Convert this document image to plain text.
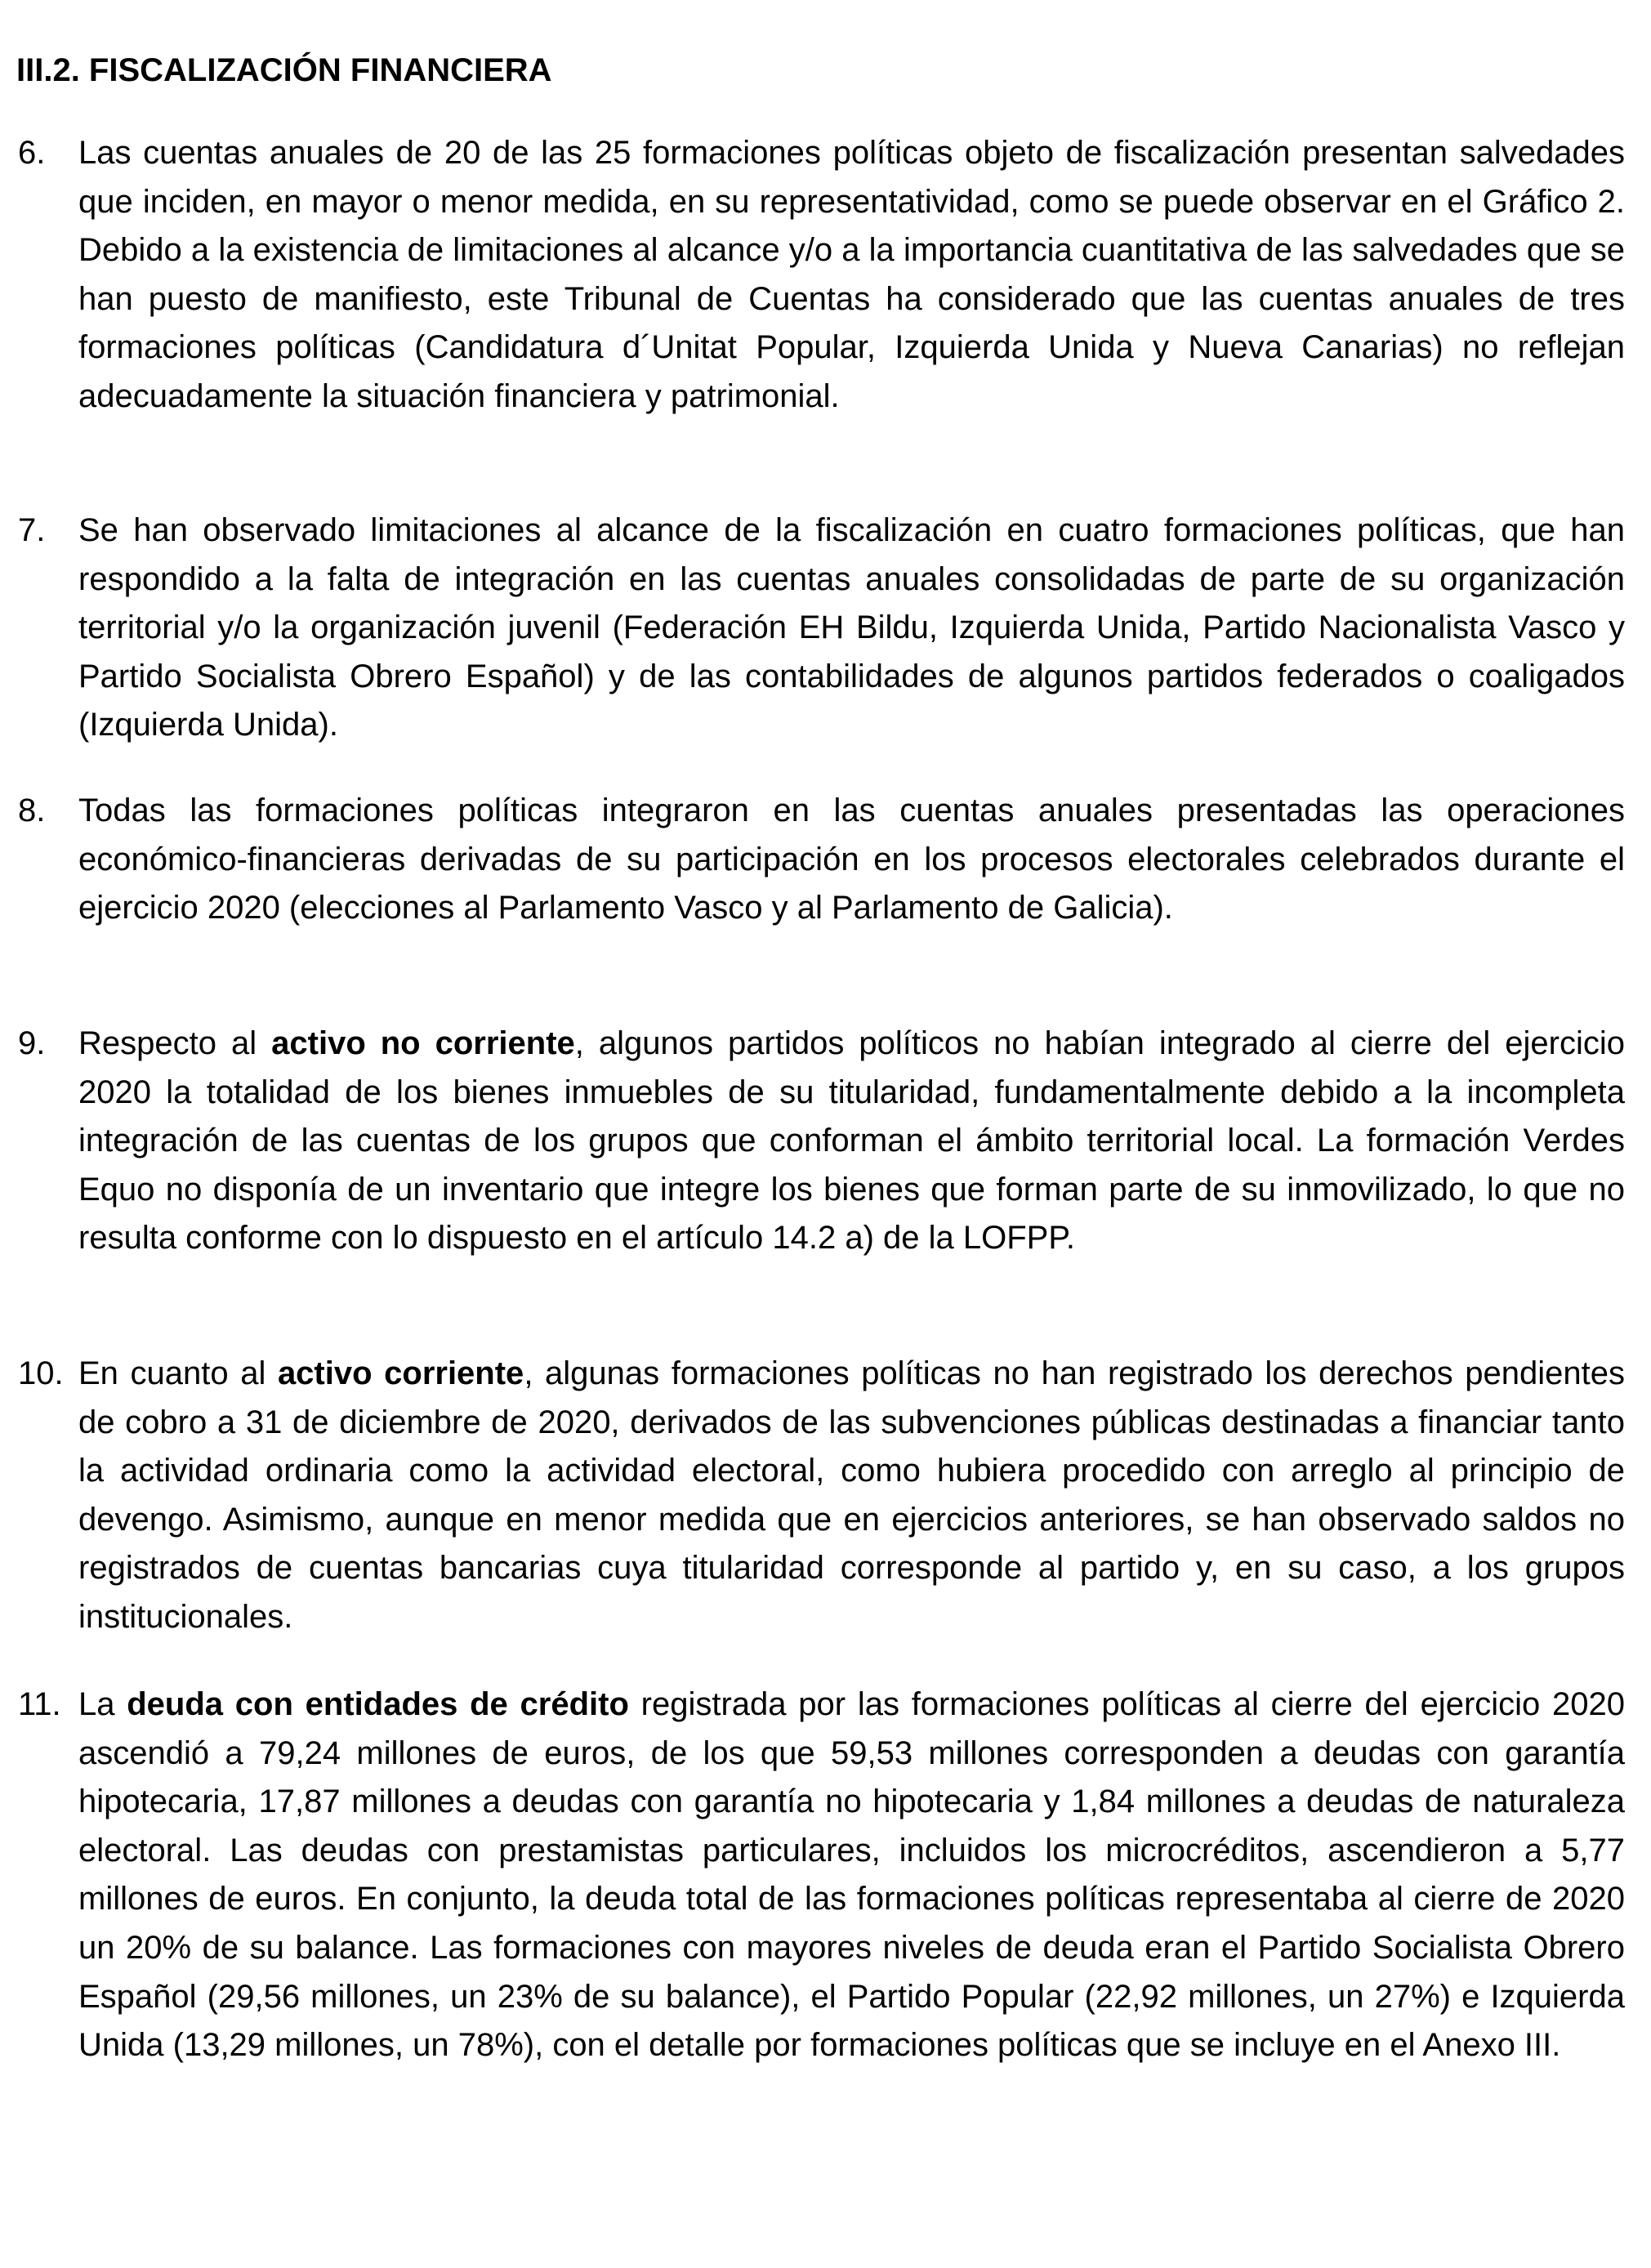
III.2. FISCALIZACIÓN FINANCIERA
6. Las cuentas anuales de 20 de las 25 formaciones políticas objeto de fiscalización presentan salvedades que inciden, en mayor o menor medida, en su representatividad, como se puede observar en el Gráfico 2. Debido a la existencia de limitaciones al alcance y/o a la importancia cuantitativa de las salvedades que se han puesto de manifiesto, este Tribunal de Cuentas ha considerado que las cuentas anuales de tres formaciones políticas (Candidatura d´Unitat Popular, Izquierda Unida y Nueva Canarias) no reflejan adecuadamente la situación financiera y patrimonial.

7. Se han observado limitaciones al alcance de la fiscalización en cuatro formaciones políticas, que han respondido a la falta de integración en las cuentas anuales consolidadas de parte de su organización territorial y/o la organización juvenil (Federación EH Bildu, Izquierda Unida, Partido Nacionalista Vasco y Partido Socialista Obrero Español) y de las contabilidades de algunos partidos federados o coaligados (Izquierda Unida).

8. Todas las formaciones políticas integraron en las cuentas anuales presentadas las operaciones económico-financieras derivadas de su participación en los procesos electorales celebrados durante el ejercicio 2020 (elecciones al Parlamento Vasco y al Parlamento de Galicia).

9. Respecto al activo no corriente, algunos partidos políticos no habían integrado al cierre del ejercicio 2020 la totalidad de los bienes inmuebles de su titularidad, fundamentalmente debido a la incompleta integración de las cuentas de los grupos que conforman el ámbito territorial local. La formación Verdes Equo no disponía de un inventario que integre los bienes que forman parte de su inmovilizado, lo que no resulta conforme con lo dispuesto en el artículo 14.2 a) de la LOFPP.

10. En cuanto al activo corriente, algunas formaciones políticas no han registrado los derechos pendientes de cobro a 31 de diciembre de 2020, derivados de las subvenciones públicas destinadas a financiar tanto la actividad ordinaria como la actividad electoral, como hubiera procedido con arreglo al principio de devengo. Asimismo, aunque en menor medida que en ejercicios anteriores, se han observado saldos no registrados de cuentas bancarias cuya titularidad corresponde al partido y, en su caso, a los grupos institucionales.

11. La deuda con entidades de crédito registrada por las formaciones políticas al cierre del ejercicio 2020 ascendió a 79,24 millones de euros, de los que 59,53 millones corresponden a deudas con garantía hipotecaria, 17,87 millones a deudas con garantía no hipotecaria y 1,84 millones a deudas de naturaleza electoral. Las deudas con prestamistas particulares, incluidos los microcréditos, ascendieron a 5,77 millones de euros. En conjunto, la deuda total de las formaciones políticas representaba al cierre de 2020 un 20% de su balance. Las formaciones con mayores niveles de deuda eran el Partido Socialista Obrero Español (29,56 millones, un 23% de su balance), el Partido Popular (22,92 millones, un 27%) e Izquierda Unida (13,29 millones, un 78%), con el detalle por formaciones políticas que se incluye en el Anexo III.
